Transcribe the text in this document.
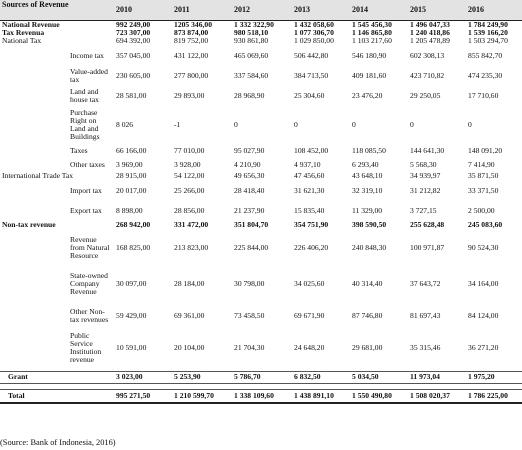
Sources of Revenue		2010	2011	2012	2013	2014	2015	2016

National Revenue		992 249,00	1205 346,00	1 332 322,90	1 432 058,60	1 545 456,30	1 496 047,33	1 784 249,90
Tax Revenua		723 307,00	873 874,00	980 518,10	1 077 306,70	1 146 865,80	1 240 418,86	1 539 166,20
National Tax		694 392,00	819 752,00	930 861,80	1 029 850,00	1 103 217,60	1 205 478,89	1 503 294,70
	Income tax	357 045,00	431 122,00	465 069,60	506 442,80	546 180,90	602 308,13	855 842,70
	Value-added tax	230 605,00	277 800,00	337 584,60	384 713,50	409 181,60	423 710,82	474 235,30
	Land and house tax	28 581,00	29 893,00	28 968,90	25 304,60	23 476,20	29 250,05	17 710,60
	Purchase Right on Land and Buildings	8 026	-1	0	0	0	0	0
	Taxes	66 166,00	77 010,00	95 027,90	108 452,00	118 085,50	144 641,30	148 091,20
	Other taxes	3 969,00	3 928,00	4 210,90	4 937,10	6 293,40	5 568,30	7 414,90
International Trade Tax		28 915,00	54 122,00	49 656,30	47 456,60	43 648,10	34 939,97	35 871,50
	Import tax	20 017,00	25 266,00	28 418,40	31 621,30	32 319,10	31 212,82	33 371,50
	Export tax	8 898,00	28 856,00	21 237,90	15 835,40	11 329,00	3 727,15	2 500,00
Non-tax revenue		268 942,00	331 472,00	351 804,70	354 751,90	398 590,50	255 628,48	245 083,60
	Revenue from Natural Resource	168 825,00	213 823,00	225 844,00	226 406,20	240 848,30	100 971,87	90 524,30
	State-owned Company Revenue	30 097,00	28 184,00	30 798,00	34 025,60	40 314,40	37 643,72	34 164,00
	Other Non-tax revenues	59 429,00	69 361,00	73 458,50	69 671,90	87 746,80	81 697,43	84 124,00
	Public Service Institution revenue	10 591,00	20 104,00	21 704,30	24 648,20	29 681,00	35 315,46	36 271,20

Grant		3 023,00	5 253,90	5 786,70	6 832,50	5 034,50	11 973,04	1 975,20

Total		995 271,50	1 210 599,70	1 338 109,60	1 438 891,10	1 550 490,80	1 508 020,37	1 786 225,00
(Source: Bank of Indonesia, 2016)
